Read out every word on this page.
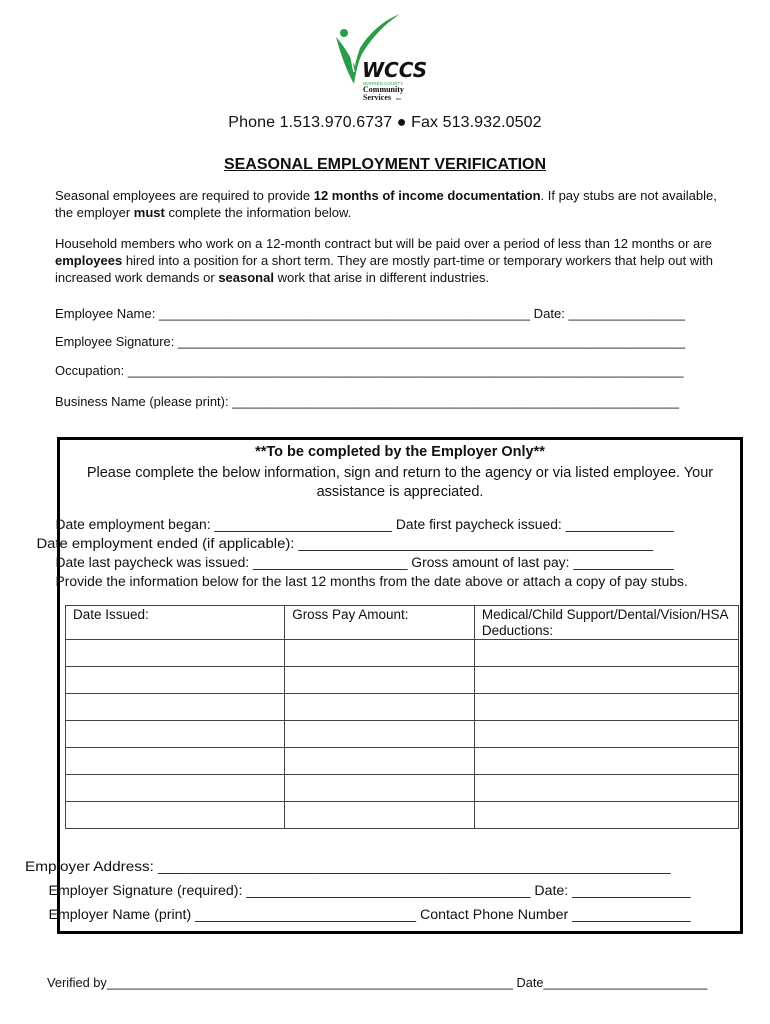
WCCS
WARREN COUNTY
Community
Services inc
Phone 1.513.970.6737 ● Fax 513.932.0502
SEASONAL EMPLOYMENT VERIFICATION
Seasonal employees are required to provide 12 months of income documentation. If pay stubs are not available, the employer must complete the information below.
Household members who work on a 12-month contract but will be paid over a period of less than 12 months or are employees hired into a position for a short term. They are mostly part-time or temporary workers that help out with increased work demands or seasonal work that arise in different industries.
Employee Name: ___________________________________________________ Date: ________________
Employee Signature: _______________________________________________________________________
Occupation: _____________________________________________________________________________
Business Name (please print): ______________________________________________________________
**To be completed by the Employer Only**
Please complete the below information, sign and return to the agency or via listed employee. Your assistance is appreciated.
Date employment began: _______________________ Date first paycheck issued: ______________
Date employment ended (if applicable): ___________________________________________
Date last paycheck was issued: ____________________ Gross amount of last pay: _____________
Provide the information below for the last 12 months from the date above or attach a copy of pay stubs.
Date Issued:	Gross Pay Amount:	Medical/Child Support/Dental/Vision/HSA Deductions:

Employer Address: ____________________________________________________________
Employer Signature (required): ____________________________________ Date: _______________
Employer Name (print) ____________________________ Contact Phone Number _______________
Verified by_________________________________________________________ Date_______________________
